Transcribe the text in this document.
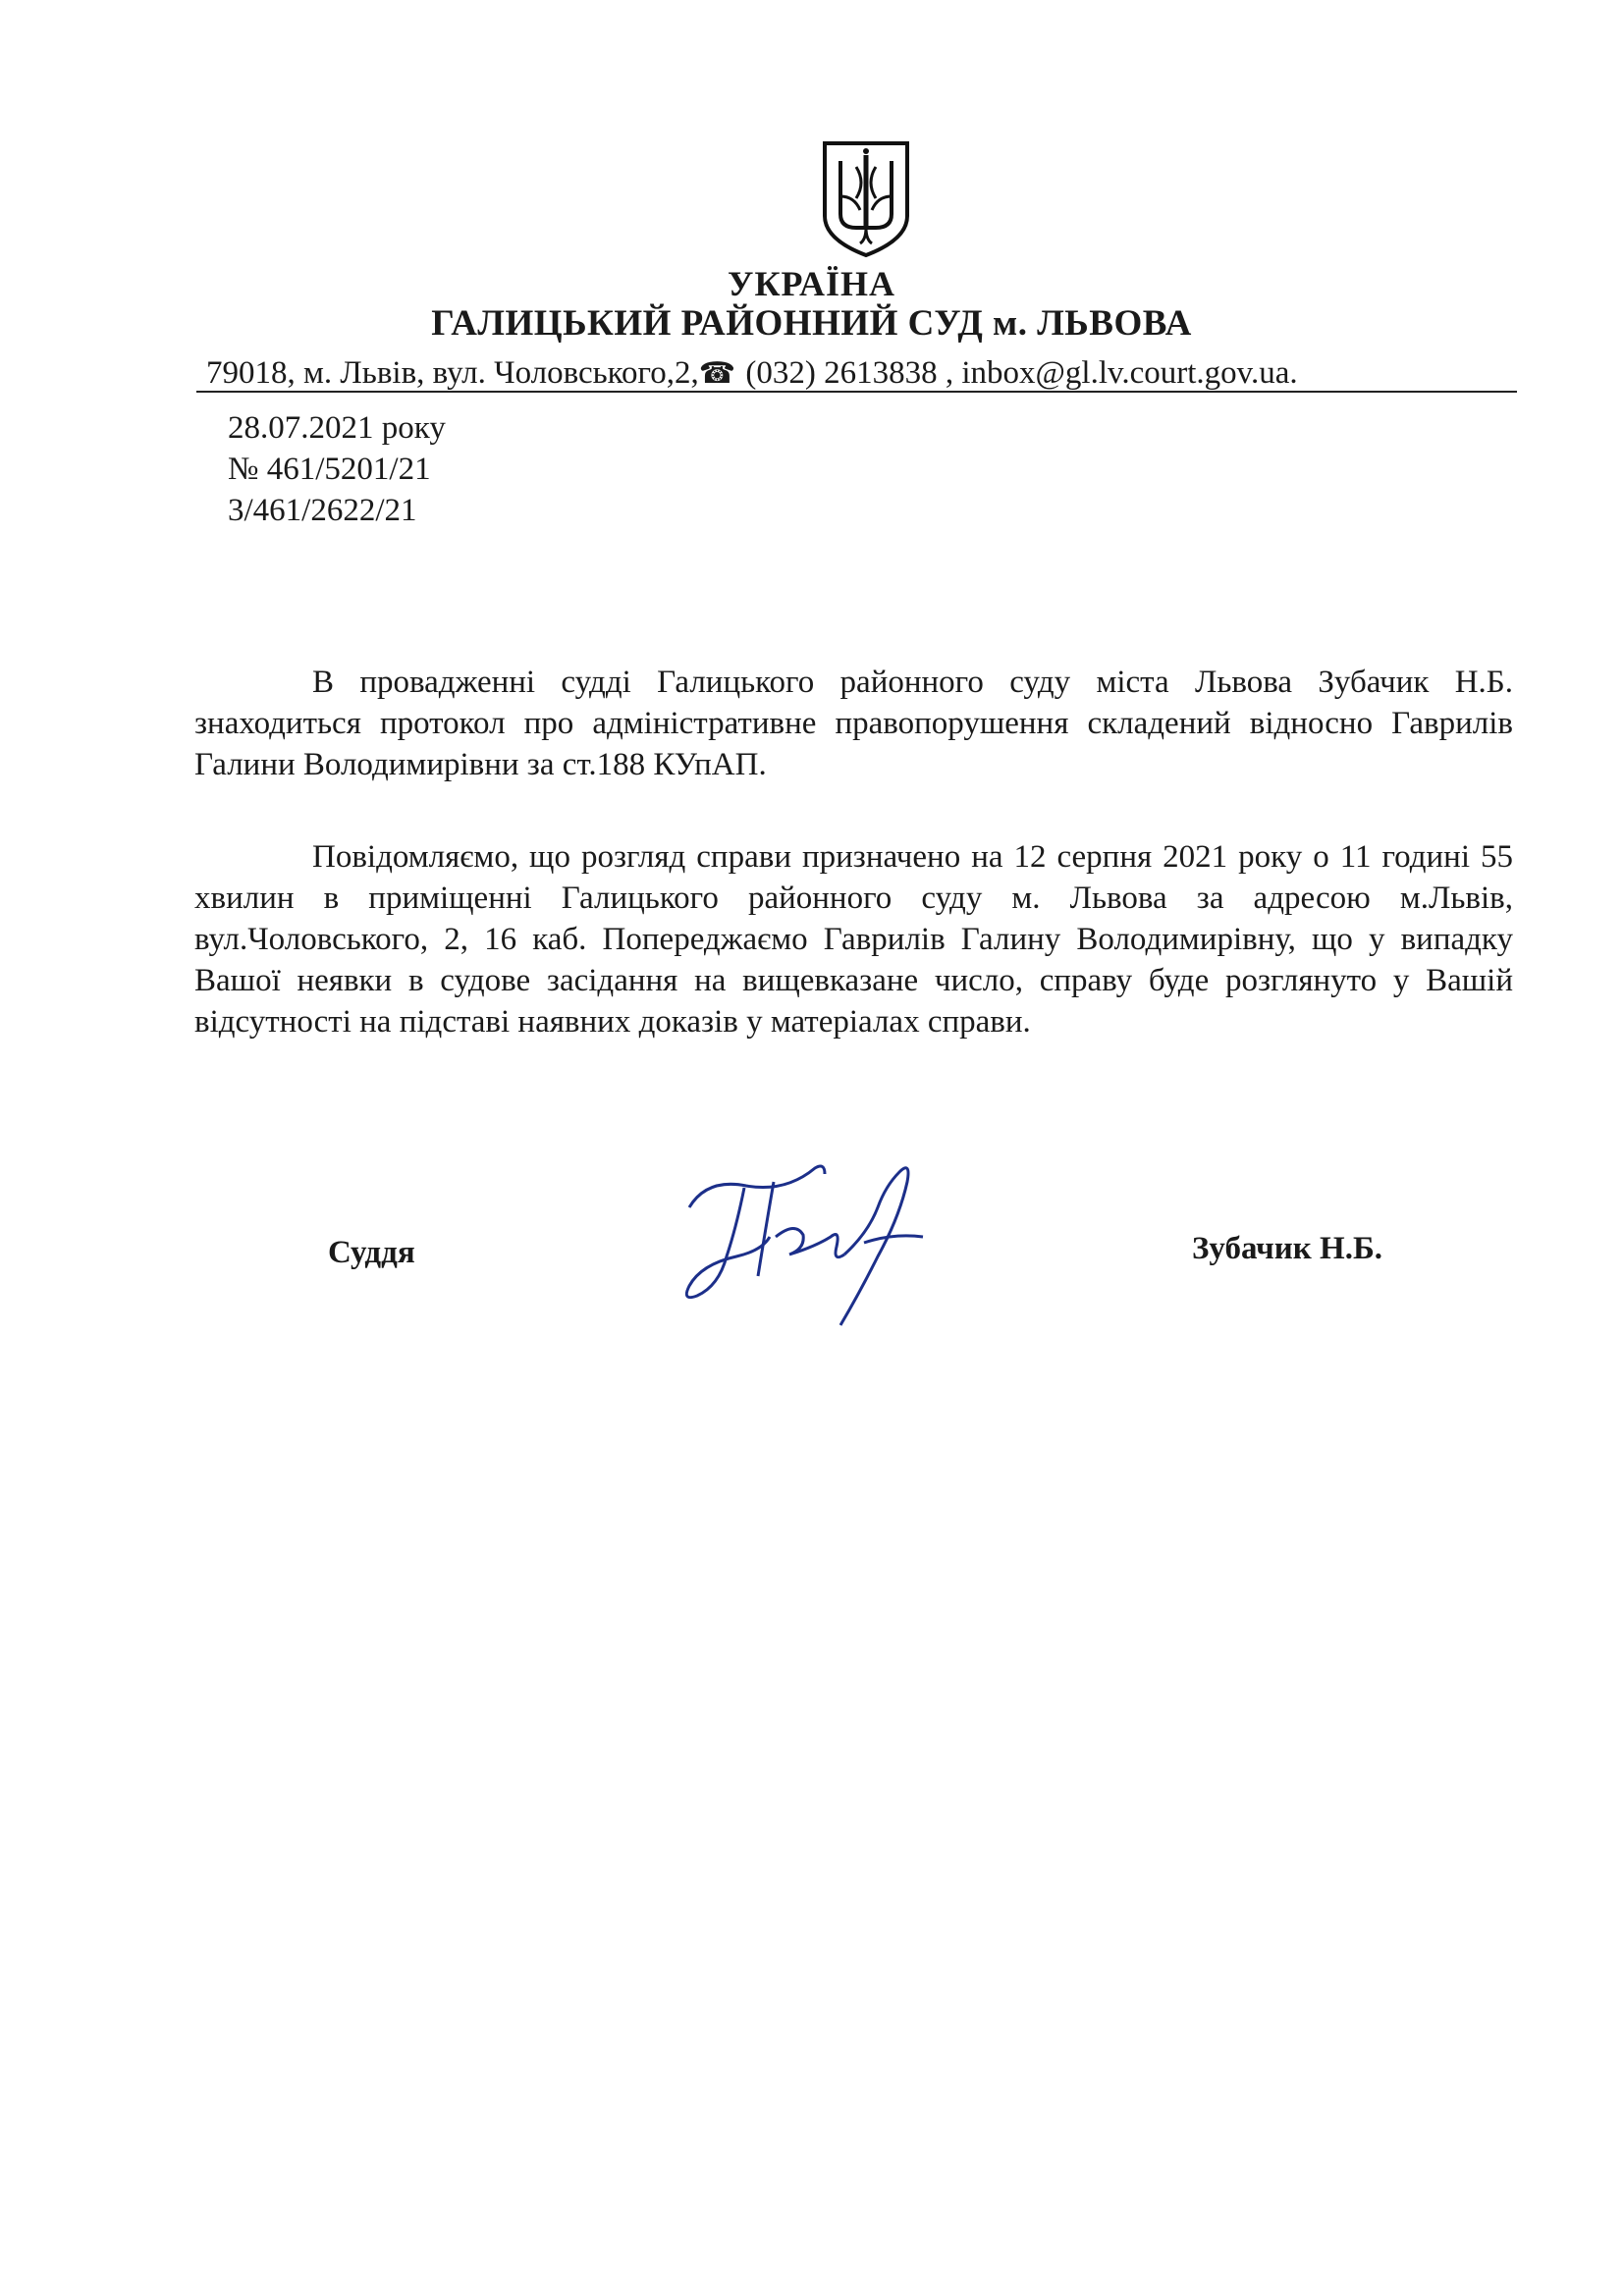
УКРАЇНА
ГАЛИЦЬКИЙ РАЙОННИЙ СУД м. ЛЬВОВА
79018, м. Львів, вул. Чоловського,2,☎ (032) 2613838 , inbox@gl.lv.court.gov.ua.
28.07.2021 року
№ 461/5201/21
3/461/2622/21

В провадженні судді Галицького районного суду міста Львова Зубачик Н.Б. знаходиться протокол про адміністративне правопорушення складений відносно Гаврилів Галини Володимирівни за ст.188 КУпАП.

Повідомляємо, що розгляд справи призначено на 12 серпня 2021 року о 11 годині 55 хвилин в приміщенні Галицького районного суду м. Львова за адресою м.Львів, вул.Чоловського, 2, 16 каб. Попереджаємо Гаврилів Галину Володимирівну, що у випадку Вашої неявки в судове засідання на вищевказане число, справу буде розглянуто у Вашій відсутності на підставі наявних доказів у матеріалах справи.

Суддя	Зубачик Н.Б.
